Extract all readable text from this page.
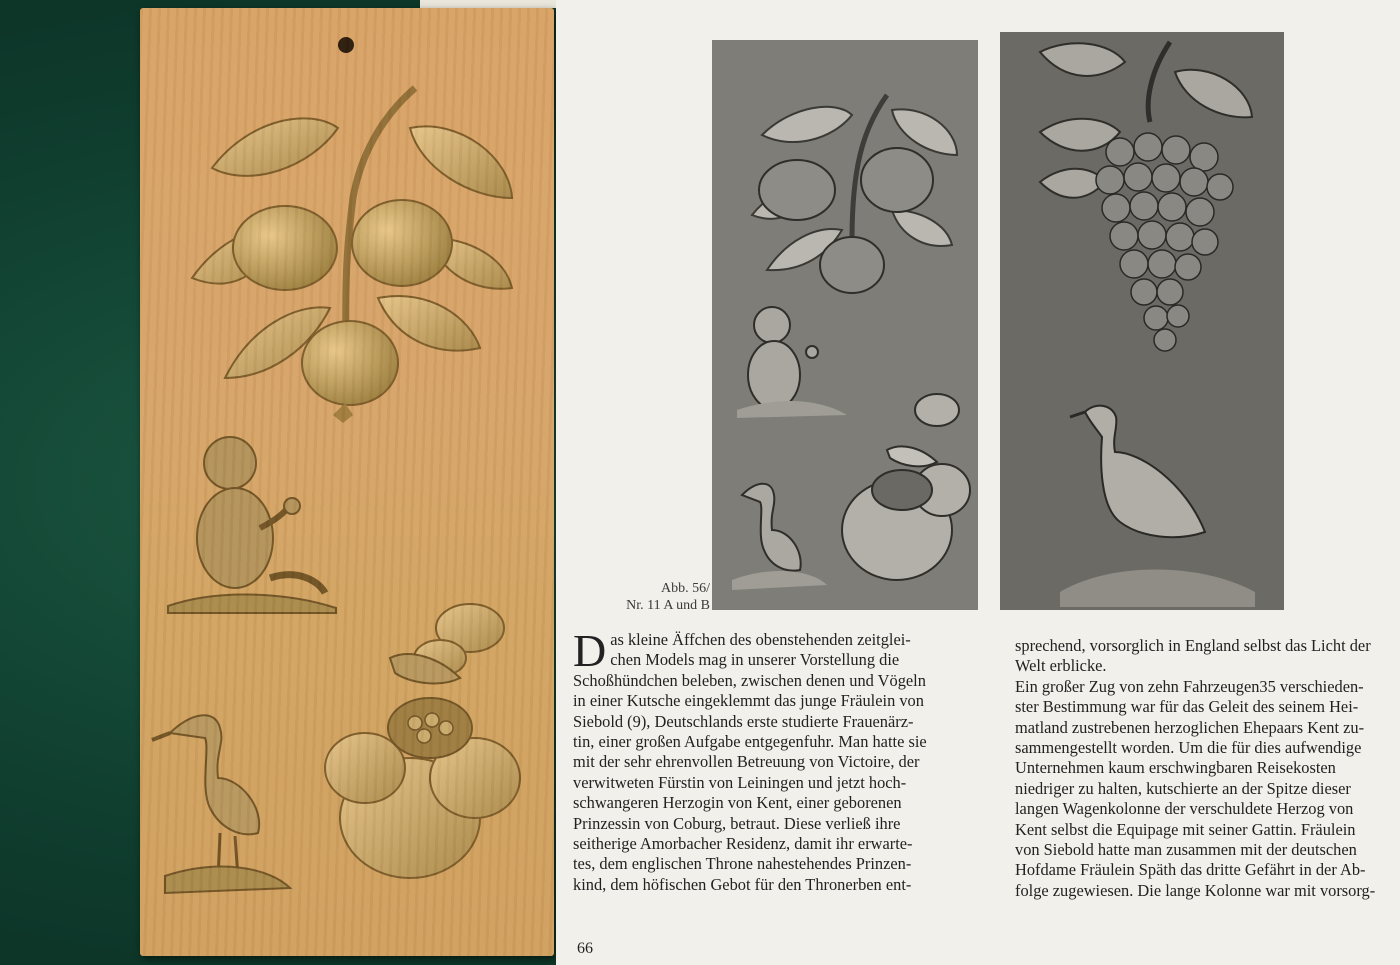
Abb. 56/
Nr. 11 A und B
D as kleine Äffchen des obenstehenden zeitglei-

chen Models mag in unserer Vorstellung die

Schoßhündchen beleben, zwischen denen und Vögeln

in einer Kutsche eingeklemmt das junge Fräulein von

Siebold (9), Deutschlands erste studierte Frauenärz-

tin, einer großen Aufgabe entgegenfuhr. Man hatte sie

mit der sehr ehrenvollen Betreuung von Victoire, der

verwitweten Fürstin von Leiningen und jetzt hoch-

schwangeren Herzogin von Kent, einer geborenen

Prinzessin von Coburg, betraut. Diese verließ ihre

seitherige Amorbacher Residenz, damit ihr erwarte-

tes, dem englischen Throne nahestehendes Prinzen-

kind, dem höfischen Gebot für den Thronerben ent-

sprechend, vorsorglich in England selbst das Licht der

Welt erblicke.

Ein großer Zug von zehn Fahrzeugen35 verschieden-

ster Bestimmung war für das Geleit des seinem Hei-

matland zustrebenen herzoglichen Ehepaars Kent zu-

sammengestellt worden. Um die für dies aufwendige

Unternehmen kaum erschwingbaren Reisekosten

niedriger zu halten, kutschierte an der Spitze dieser

langen Wagenkolonne der verschuldete Herzog von

Kent selbst die Equipage mit seiner Gattin. Fräulein

von Siebold hatte man zusammen mit der deutschen

Hofdame Fräulein Späth das dritte Gefährt in der Ab-

folge zugewiesen. Die lange Kolonne war mit vorsorg-

66
